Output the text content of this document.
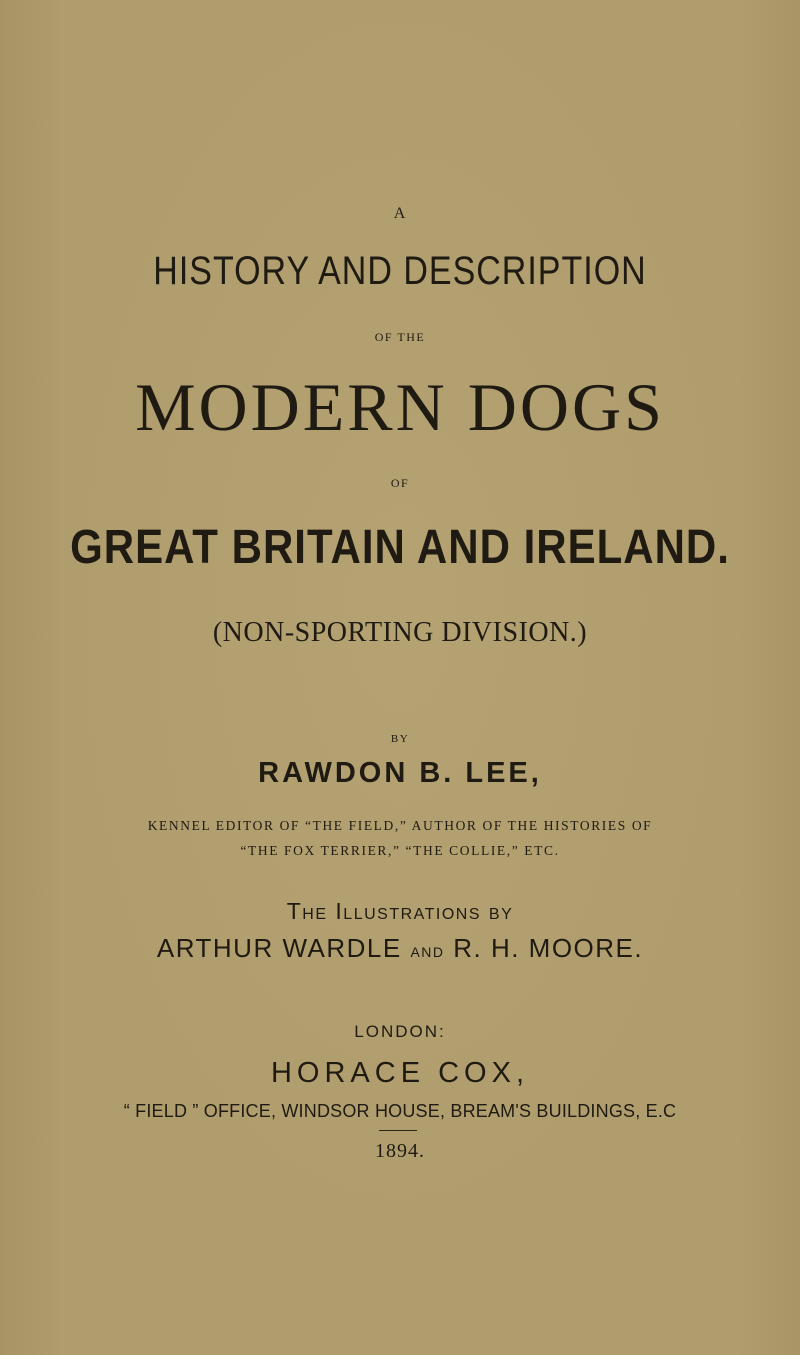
A
HISTORY AND DESCRIPTION
OF THE
MODERN DOGS
OF
GREAT BRITAIN AND IRELAND.
(NON-SPORTING DIVISION.)
BY
RAWDON B. LEE,
KENNEL EDITOR OF “THE FIELD,” AUTHOR OF THE HISTORIES OF
“THE FOX TERRIER,” “THE COLLIE,” ETC.
The Illustrations by
ARTHUR WARDLE and R. H. MOORE.
LONDON:
HORACE COX,
“ FIELD ” OFFICE, WINDSOR HOUSE, BREAM'S BUILDINGS, E.C
1894.
